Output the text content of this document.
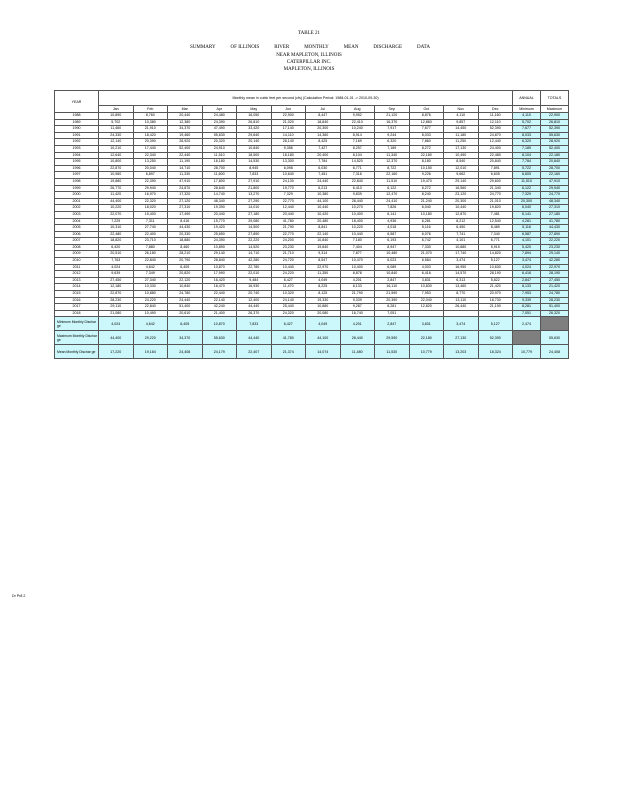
TABLE 21
SUMMARY	OF ILLINOIS	RIVER	MONTHLY	MEAN	DISCHARGE	DATA
NEAR MAPLETON, ILLINOIS
CATERPILLAR INC.
MAPLETON, ILLINOIS
YEAR	Monthly mean in cubic feet per second (cfs) (Calculation Period: 1988-01-01 -> 2010-09-30)												ANNUAL	TOTALS
	Jan	Feb	Mar	Apr	May	Jun	Jul	Aug	Sep	Oct	Nov	Dec	Minimum	Maximum
1988	10,890	8,760	20,440	24,480	16,050	22,900	8,447	9,952	21,120	8,876	4,110	11,160	4,110	22,900
1989	5,702	10,380	12,380	24,390	26,810	21,020	18,840	22,410	16,370	12,860	9,857	12,110	5,702	26,810
1990	11,460	21,910	34,370	47,490	33,420	17,140	20,300	10,240	7,917	7,677	14,450	52,390	7,677	52,390
1991	24,330	18,420	19,460	55,630	29,840	14,110	14,360	8,914	9,244	8,033	11,180	24,870	8,033	55,630
1992	12,140	20,390	28,920	20,320	20,140	28,140	8,425	7,169	6,320	7,860	11,250	12,440	6,320	28,920
1993	10,210	17,440	52,400	24,910	10,840	9,356	7,427	8,257	7,189	8,272	17,130	24,400	7,189	52,400
1994	12,640	22,340	22,440	11,510	18,500	18,180	20,400	8,104	11,340	22,180	10,490	22,480	8,104	22,180
1995	10,800	13,250	11,190	16,180	14,530	13,300	7,784	14,520	12,370	8,180	8,540	20,840	7,784	20,840
1996	22,870	20,040	14,710	28,700	8,945	6,098	6,030	6,771	8,722	10,150	12,010	7,891	5,722	28,700
1997	10,960	6,897	11,330	11,600	7,833	10,640	7,451	7,316	22,160	9,226	9,662	6,605	6,605	22,160
1998	19,880	22,390	47,910	17,800	27,910	24,130	24,440	22,840	11,510	19,470	29,140	29,600	11,510	47,910
1999	26,770	29,940	24,870	28,640	21,800	19,770	6,213	6,410	6,122	6,272	16,560	21,340	6,122	29,940
2000	11,420	16,970	17,320	14,740	13,270	7,329	10,380	9,839	12,470	8,240	23,120	24,770	7,329	24,770
2001	44,400	22,320	27,120	48,340	27,290	22,770	44,100	28,440	24,410	21,240	20,300	21,010	20,300	48,340
2002	10,220	18,020	27,310	19,390	14,010	12,440	10,440	10,270	7,826	6,040	10,440	19,820	6,040	27,310
2003	22,070	15,400	17,490	20,440	27,180	20,440	10,420	10,400	6,141	10,180	12,870	7,481	6,141	27,180
2004	7,229	7,311	8,416	15,770	29,080	41,780	20,480	18,400	4,936	6,281	8,212	12,540	4,281	41,780
2005	10,310	27,740	44,430	19,420	14,500	21,790	8,841	10,220	4,018	5,116	6,450	8,489	5,116	44,430
2006	22,480	22,400	20,330	25,650	27,890	22,770	22,140	10,440	6,587	6,076	7,741	7,340	6,587	27,890
2007	18,820	23,710	18,880	24,390	22,220	24,200	10,840	7,180	6,193	6,742	4,101	6,771	4,101	22,220
2008	6,420	7,880	8,460	10,890	14,520	23,230	19,840	7,404	8,947	7,330	10,880	5,915	5,420	23,230
2009	20,510	26,180	28,210	29,140	14,710	21,710	9,314	7,877	10,480	21,070	17,740	14,820	7,894	29,140
2010	7,763	22,840	20,790	28,840	42,280	24,720	8,547	10,470	6,023	6,584	3,474	5,127	3,474	42,280
2011	4,024	4,642	6,405	10,870	22,780	10,440	22,970	10,400	6,089	4,003	16,950	10,630	4,024	22,970
2012	9,639	7,349	20,820	17,990	22,010	24,220	11,350	8,878	10,840	6,416	14,570	28,190	6,416	28,190
2013	27,450	27,340	22,120	16,420	9,484	6,427	4,049	4,201	2,847	3,831	6,313	5,822	2,847	27,450
2014	12,180	10,330	10,840	18,470	16,930	11,470	8,225	8,133	16,110	10,830	13,460	21,420	8,133	21,420
2015	22,870	10,880	24,780	22,440	20,740	10,320	8,125	21,790	21,590	7,953	8,770	20,970	7,953	24,780
2016	28,230	24,220	24,440	22,140	12,400	24,140	19,330	9,339	20,390	22,040	13,110	18,730	9,339	28,230
2017	29,110	22,840	51,400	42,240	44,440	25,440	10,880	9,287	8,281	12,820	26,440	21,190	8,281	51,400
2018	21,080	10,490	20,610	21,400	26,370	24,320	20,080	16,740	7,051				7,051	26,320
Minimum Monthly Dischar ge	4,024	4,642	6,405	10,870	7,833	6,427	4,049	4,201	2,847	3,831	3,474	5,127	2,474	
Maximum Monthly Dischar ge	44,400	29,220	34,370	55,630	44,440	41,780	44,100	28,440	29,590	22,180	27,130	52,390		55,630
Mean Monthly Dischar ge	17,220	19,184	24,408	24,179	22,407	21,374	14,074	11,480	11,530	10,779	13,203	18,324	10,779	24,408
Dr Pr8 2
